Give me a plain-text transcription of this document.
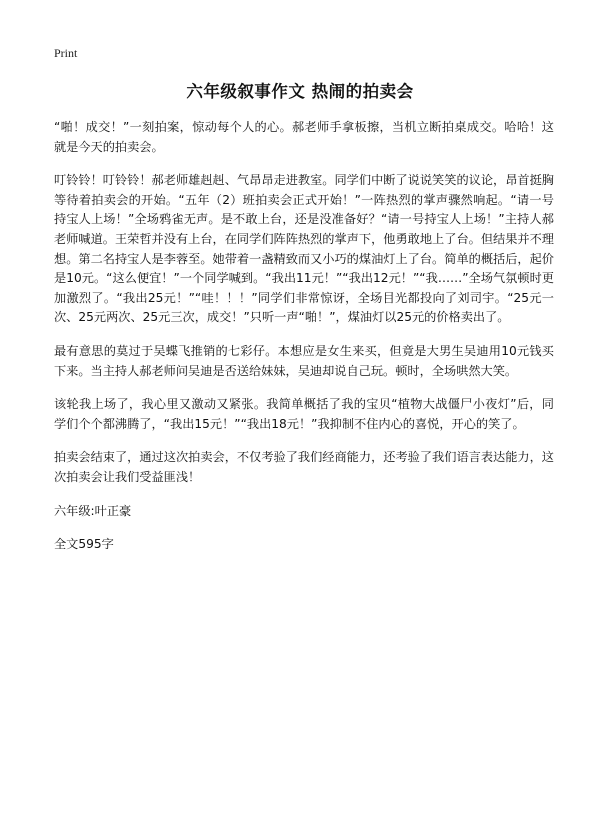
Print
六年级叙事作文 热闹的拍卖会

“啪！成交！”一刻拍案，惊动每个人的心。郝老师手拿板擦，当机立断拍桌成交。哈哈！这就是今天的拍卖会。

叮铃铃！叮铃铃！郝老师雄赳赳、气昂昂走进教室。同学们中断了说说笑笑的议论，昂首挺胸等待着拍卖会的开始。“五年（2）班拍卖会正式开始！”一阵热烈的掌声骤然响起。“请一号持宝人上场！”全场鸦雀无声。是不敢上台，还是没准备好？“请一号持宝人上场！”主持人郝老师喊道。王荣哲并没有上台，在同学们阵阵热烈的掌声下，他勇敢地上了台。但结果并不理想。第二名持宝人是李蓉至。她带着一盏精致而又小巧的煤油灯上了台。简单的概括后，起价是10元。“这么便宜！”一个同学喊到。“我出11元！”“我出12元！”“我……”全场气氛顿时更加激烈了。“我出25元！”“哇！！！”同学们非常惊讶，全场目光都投向了刘司宇。“25元一次、25元两次、25元三次，成交！”只听一声“啪！”，煤油灯以25元的价格卖出了。

最有意思的莫过于吴蝶飞推销的七彩仔。本想应是女生来买，但竟是大男生吴迪用10元钱买下来。当主持人郝老师问吴迪是否送给妹妹，吴迪却说自己玩。顿时，全场哄然大笑。

该轮我上场了，我心里又激动又紧张。我简单概括了我的宝贝“植物大战僵尸小夜灯”后，同学们个个都沸腾了，“我出15元！”“我出18元！”我抑制不住内心的喜悦，开心的笑了。

拍卖会结束了，通过这次拍卖会，不仅考验了我们经商能力，还考验了我们语言表达能力，这次拍卖会让我们受益匪浅！

六年级:叶正豪

全文595字
